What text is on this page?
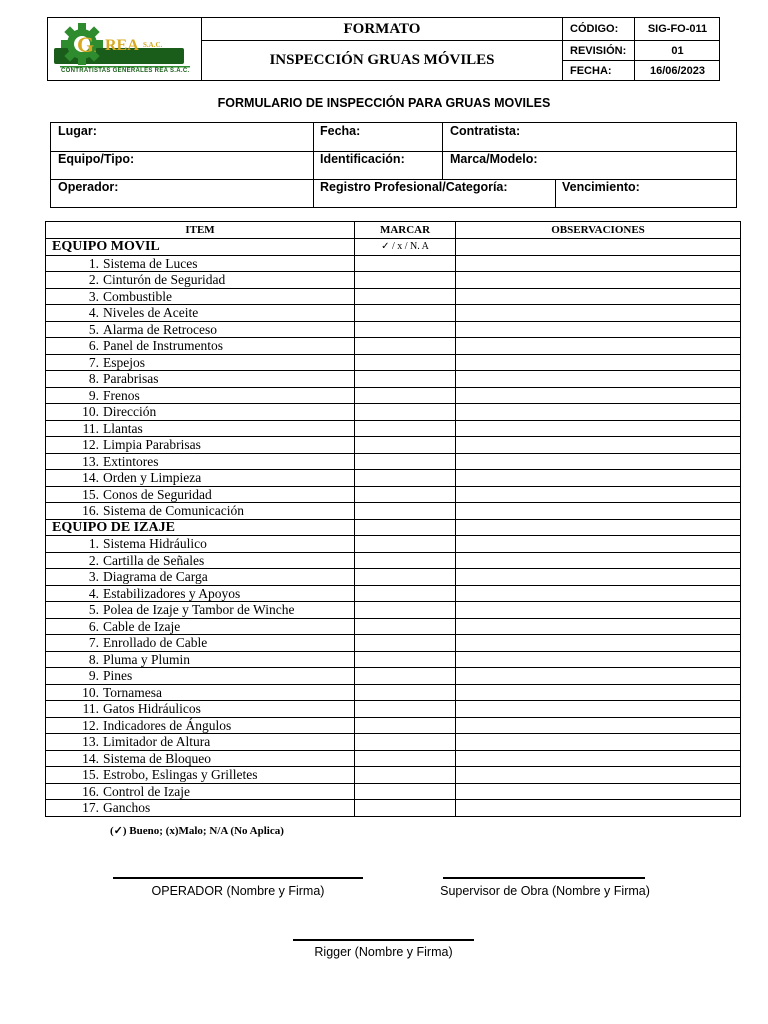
G . REA S.A.C.
CONTRATISTAS GENERALES REA S.A.C.
FORMATO
INSPECCIÓN GRUAS MÓVILES
CÓDIGO:	SIG-FO-011
REVISIÓN:	01
FECHA:	16/06/2023
FORMULARIO DE INSPECCIÓN PARA GRUAS MOVILES
Lugar:	Fecha:	Contratista:
Equipo/Tipo:	Identificación:	Marca/Modelo:
Operador:	Registro Profesional/Categoría:	Vencimiento:
ITEM	MARCAR	OBSERVACIONES
EQUIPO MOVIL	✓ / x / N. A	
1. Sistema de Luces		
2. Cinturón de Seguridad		
3. Combustible		
4. Niveles de Aceite		
5. Alarma de Retroceso		
6. Panel de Instrumentos		
7. Espejos		
8. Parabrisas		
9. Frenos		
10. Dirección		
11. Llantas		
12. Limpia Parabrisas		
13. Extintores		
14. Orden y Limpieza		
15. Conos de Seguridad		
16. Sistema de Comunicación		
EQUIPO DE IZAJE		
1. Sistema Hidráulico		
2. Cartilla de Señales		
3. Diagrama de Carga		
4. Estabilizadores y Apoyos		
5. Polea de Izaje y Tambor de Winche		
6. Cable de Izaje		
7. Enrollado de Cable		
8. Pluma y Plumin		
9. Pines		
10. Tornamesa		
11. Gatos Hidráulicos		
12. Indicadores de Ángulos		
13. Limitador de Altura		
14. Sistema de Bloqueo		
15. Estrobo, Eslingas y Grilletes		
16. Control de Izaje		
17. Ganchos		
(✓) Bueno; (x)Malo; N/A (No Aplica)
OPERADOR (Nombre y Firma)	Supervisor de Obra (Nombre y Firma)
Rigger (Nombre y Firma)
